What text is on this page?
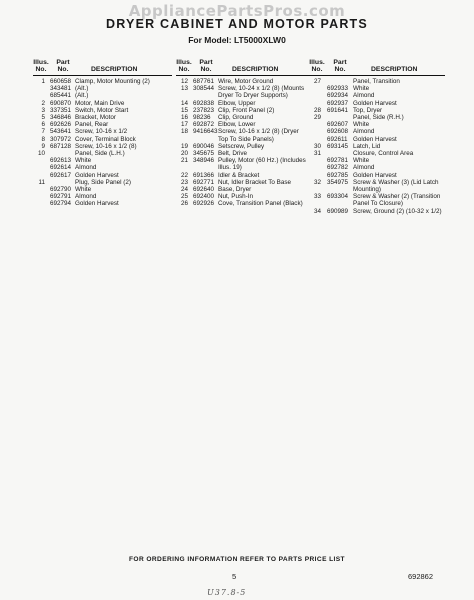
AppliancePartsPros.com
DRYER CABINET AND MOTOR PARTS
For Model: LT5000XLW0
Illus. No.
Part No.	DESCRIPTION
1 660658 Clamp, Motor Mounting (2)
343481 (Alt.)
685441 (Alt.)
2 690870 Motor, Main Drive
3 337351 Switch, Motor Start
5 346846 Bracket, Motor
6 692626 Panel, Rear
7 543641 Screw, 10-16 x 1/2
8 307972 Cover, Terminal Block
9 687128 Screw, 10-16 x 1/2 (8)
10	Panel, Side (L.H.)
692613 White
692614 Almond
692617 Golden Harvest
11	Plug, Side Panel (2)
692790 White
692791 Almond
692794 Golden Harvest
Illus. No.
Part No.	DESCRIPTION
12 687761 Wire, Motor Ground
13 308544 Screw, 10-24 x 1/2 (8) (Mounts Dryer To Dryer Supports)
14 692838 Elbow, Upper
15 237823 Clip, Front Panel (2)
16 98236	Clip, Ground
17 692872 Elbow, Lower
18 9416643 Screw, 10-16 x 1/2 (8) (Dryer Top To Side Panels)
19 690046 Setscrew, Pulley
20 345675 Belt, Drive
21 348946 Pulley, Motor (60 Hz.) (Includes Illus. 19)
22 691366 Idler & Bracket
23 692771 Nut, Idler Bracket To Base
24 692640 Base, Dryer
25 692400 Nut, Push-In
26 692926 Cove, Transition Panel (Black)
Illus. No.
Part No.	DESCRIPTION
27	Panel, Transition
692933 White
692934 Almond
692937 Golden Harvest
28 691641 Top, Dryer
29	Panel, Side (R.H.)
692607 White
692608 Almond
692611 Golden Harvest
30 693145 Latch, Lid
31	Closure, Control Area
692781 White
692782 Almond
692785 Golden Harvest
32 354975 Screw & Washer (3) (Lid Latch Mounting)
33 693304 Screw & Washer (2) (Transition Panel To Closure)
34 690989 Screw, Ground (2) (10-32 x 1/2)
FOR ORDERING INFORMATION REFER TO PARTS PRICE LIST
5	692862
U37.8-5
